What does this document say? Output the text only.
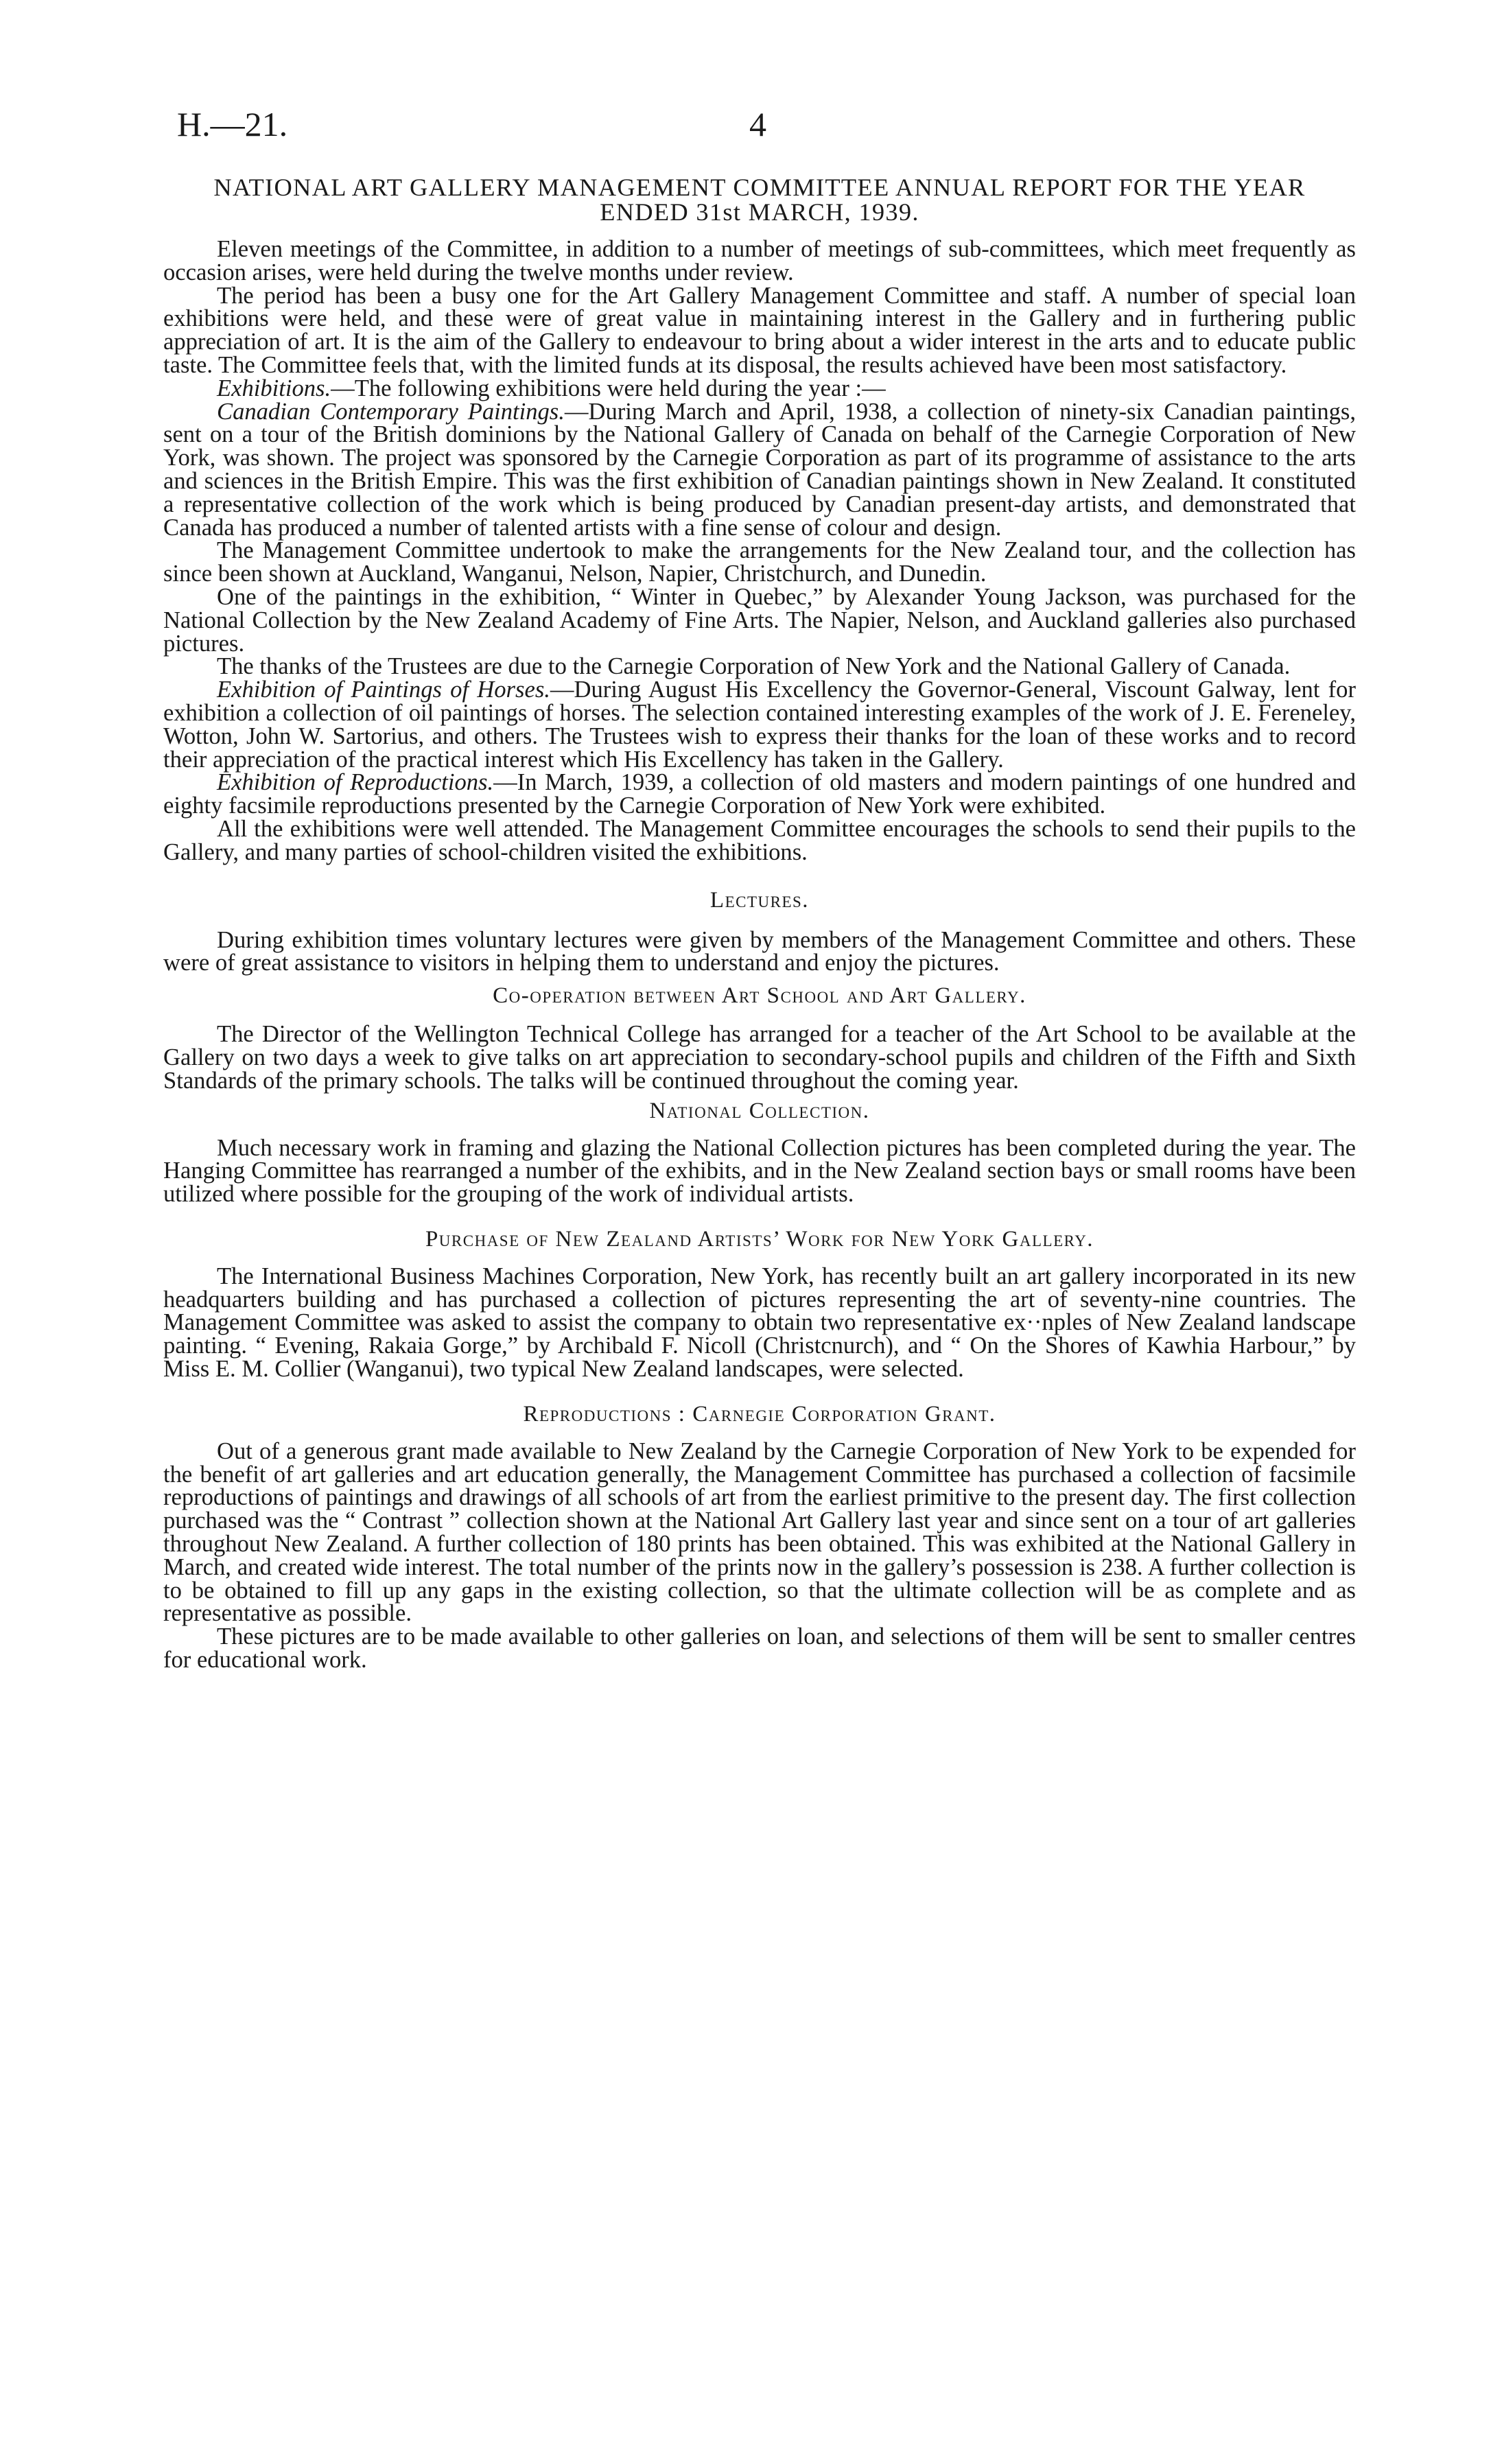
H.—21.	4
NATIONAL ART GALLERY MANAGEMENT COMMITTEE ANNUAL REPORT FOR THE YEAR ENDED 31st MARCH, 1939.

Eleven meetings of the Committee, in addition to a number of meetings of sub-committees, which meet frequently as occasion arises, were held during the twelve months under review.

The period has been a busy one for the Art Gallery Management Committee and staff. A number of special loan exhibitions were held, and these were of great value in maintaining interest in the Gallery and in furthering public appreciation of art. It is the aim of the Gallery to endeavour to bring about a wider interest in the arts and to educate public taste. The Committee feels that, with the limited funds at its disposal, the results achieved have been most satisfactory.

Exhibitions.—The following exhibitions were held during the year :—

Canadian Contemporary Paintings.—During March and April, 1938, a collection of ninety-six Canadian paintings, sent on a tour of the British dominions by the National Gallery of Canada on behalf of the Carnegie Corporation of New York, was shown. The project was sponsored by the Carnegie Corporation as part of its programme of assistance to the arts and sciences in the British Empire. This was the first exhibition of Canadian paintings shown in New Zealand. It constituted a representative collection of the work which is being produced by Canadian present-day artists, and demonstrated that Canada has produced a number of talented artists with a fine sense of colour and design.

The Management Committee undertook to make the arrangements for the New Zealand tour, and the collection has since been shown at Auckland, Wanganui, Nelson, Napier, Christchurch, and Dunedin.

One of the paintings in the exhibition, “ Winter in Quebec,” by Alexander Young Jackson, was purchased for the National Collection by the New Zealand Academy of Fine Arts. The Napier, Nelson, and Auckland galleries also purchased pictures.

The thanks of the Trustees are due to the Carnegie Corporation of New York and the National Gallery of Canada.

Exhibition of Paintings of Horses.—During August His Excellency the Governor-General, Viscount Galway, lent for exhibition a collection of oil paintings of horses. The selection contained interesting examples of the work of J. E. Fereneley, Wotton, John W. Sartorius, and others. The Trustees wish to express their thanks for the loan of these works and to record their appreciation of the practical interest which His Excellency has taken in the Gallery.

Exhibition of Reproductions.—In March, 1939, a collection of old masters and modern paintings of one hundred and eighty facsimile reproductions presented by the Carnegie Corporation of New York were exhibited.

All the exhibitions were well attended. The Management Committee encourages the schools to send their pupils to the Gallery, and many parties of school-children visited the exhibitions.

Lectures.

During exhibition times voluntary lectures were given by members of the Management Committee and others. These were of great assistance to visitors in helping them to understand and enjoy the pictures.

Co-operation between Art School and Art Gallery.

The Director of the Wellington Technical College has arranged for a teacher of the Art School to be available at the Gallery on two days a week to give talks on art appreciation to secondary-school pupils and children of the Fifth and Sixth Standards of the primary schools. The talks will be continued throughout the coming year.

National Collection.

Much necessary work in framing and glazing the National Collection pictures has been completed during the year. The Hanging Committee has rearranged a number of the exhibits, and in the New Zealand section bays or small rooms have been utilized where possible for the grouping of the work of individual artists.

Purchase of New Zealand Artists’ Work for New York Gallery.

The International Business Machines Corporation, New York, has recently built an art gallery incorporated in its new headquarters building and has purchased a collection of pictures representing the art of seventy-nine countries. The Management Committee was asked to assist the company to obtain two representative ex··nples of New Zealand landscape painting. “ Evening, Rakaia Gorge,” by Archibald F. Nicoll (Christcnurch), and “ On the Shores of Kawhia Harbour,” by Miss E. M. Collier (Wanganui), two typical New Zealand landscapes, were selected.

Reproductions : Carnegie Corporation Grant.

Out of a generous grant made available to New Zealand by the Carnegie Corporation of New York to be expended for the benefit of art galleries and art education generally, the Management Committee has purchased a collection of facsimile reproductions of paintings and drawings of all schools of art from the earliest primitive to the present day. The first collection purchased was the “ Contrast ” collection shown at the National Art Gallery last year and since sent on a tour of art galleries throughout New Zealand. A further collection of 180 prints has been obtained. This was exhibited at the National Gallery in March, and created wide interest. The total number of the prints now in the gallery’s possession is 238. A further collection is to be obtained to fill up any gaps in the existing collection, so that the ultimate collection will be as complete and as representative as possible.

These pictures are to be made available to other galleries on loan, and selections of them will be sent to smaller centres for educational work.
